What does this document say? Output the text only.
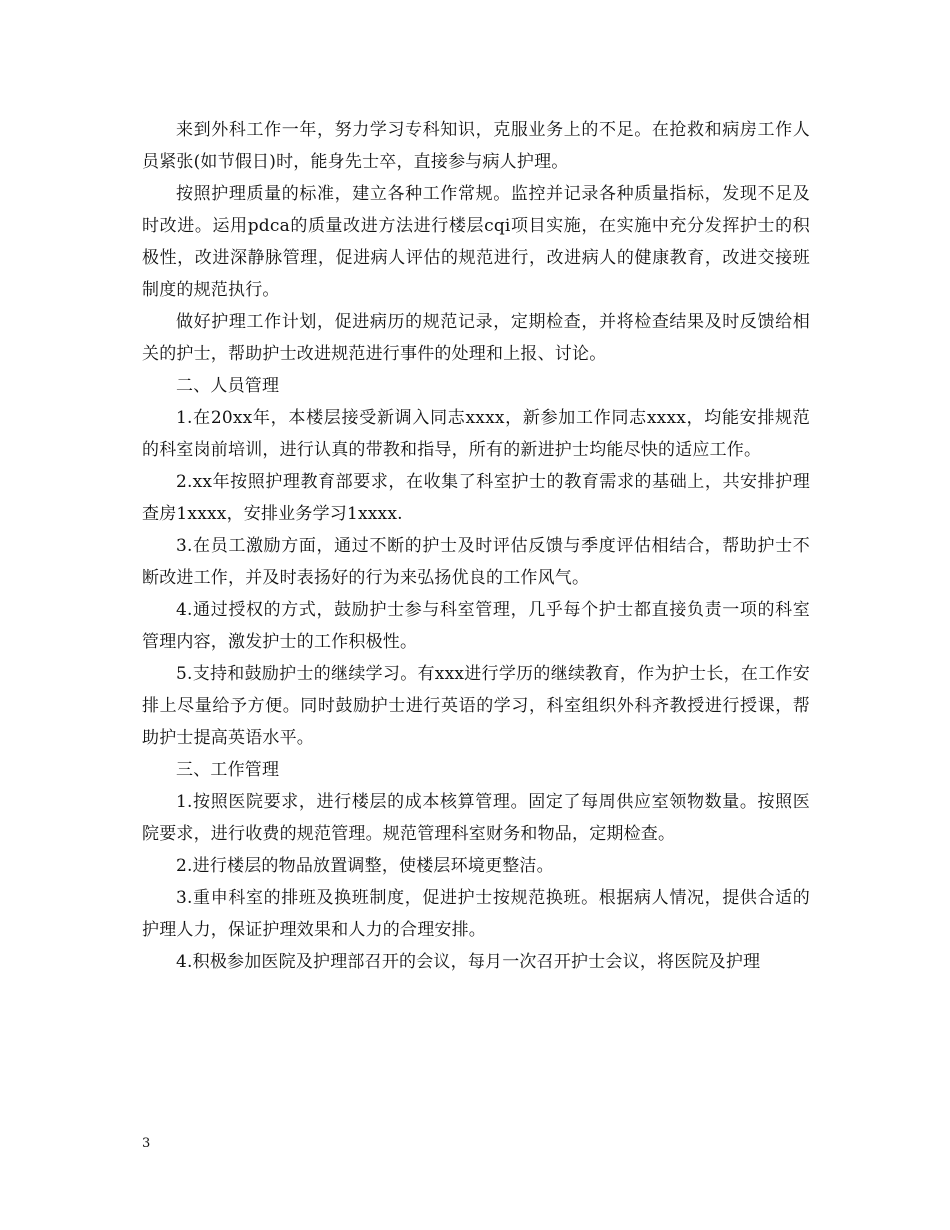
来到外科工作一年，努力学习专科知识，克服业务上的不足。在抢救和病房工作人员紧张(如节假日)时，能身先士卒，直接参与病人护理。

按照护理质量的标准，建立各种工作常规。监控并记录各种质量指标，发现不足及时改进。运用pdca的质量改进方法进行楼层cqi项目实施，在实施中充分发挥护士的积极性，改进深静脉管理，促进病人评估的规范进行，改进病人的健康教育，改进交接班制度的规范执行。

做好护理工作计划，促进病历的规范记录，定期检查，并将检查结果及时反馈给相关的护士，帮助护士改进规范进行事件的处理和上报、讨论。

二、人员管理

1.在20xx年，本楼层接受新调入同志xxxx，新参加工作同志xxxx，均能安排规范的科室岗前培训，进行认真的带教和指导，所有的新进护士均能尽快的适应工作。

2.xx年按照护理教育部要求，在收集了科室护士的教育需求的基础上，共安排护理查房1xxxx，安排业务学习1xxxx.

3.在员工激励方面，通过不断的护士及时评估反馈与季度评估相结合，帮助护士不断改进工作，并及时表扬好的行为来弘扬优良的工作风气。

4.通过授权的方式，鼓励护士参与科室管理，几乎每个护士都直接负责一项的科室管理内容，激发护士的工作积极性。

5.支持和鼓励护士的继续学习。有xxx进行学历的继续教育，作为护士长，在工作安排上尽量给予方便。同时鼓励护士进行英语的学习，科室组织外科齐教授进行授课，帮助护士提高英语水平。

三、工作管理

1.按照医院要求，进行楼层的成本核算管理。固定了每周供应室领物数量。按照医院要求，进行收费的规范管理。规范管理科室财务和物品，定期检查。

2.进行楼层的物品放置调整，使楼层环境更整洁。

3.重申科室的排班及换班制度，促进护士按规范换班。根据病人情况，提供合适的护理人力，保证护理效果和人力的合理安排。

4.积极参加医院及护理部召开的会议，每月一次召开护士会议，将医院及护理

3
